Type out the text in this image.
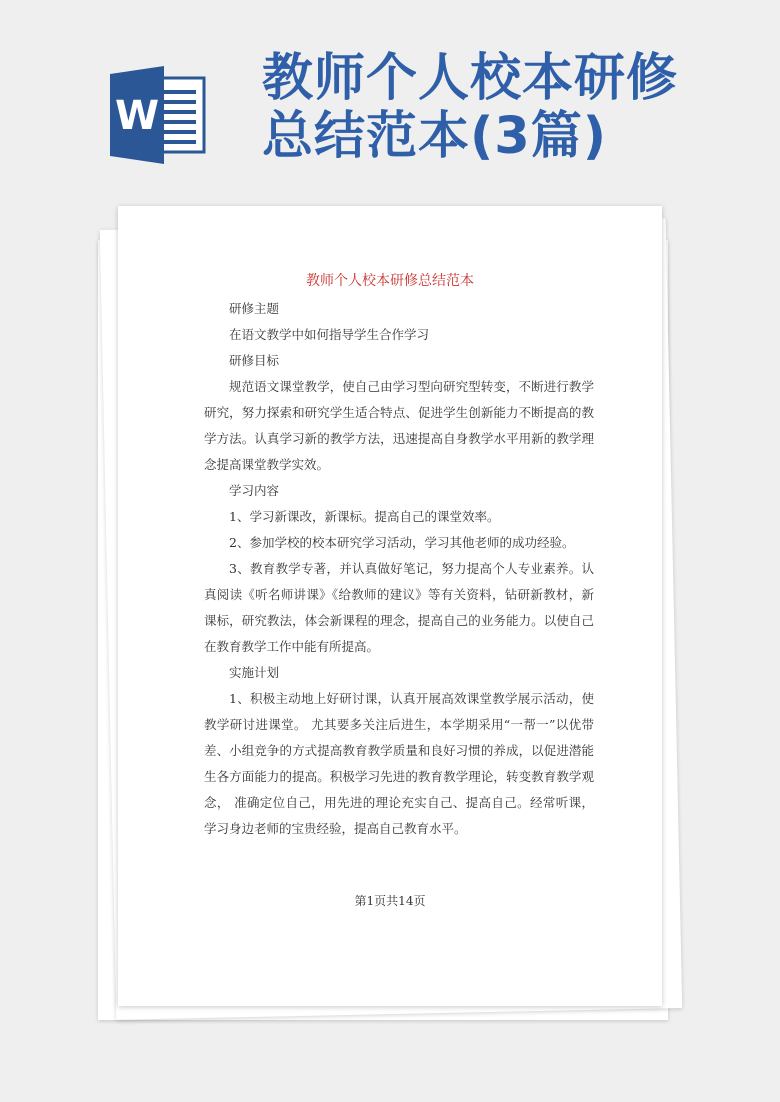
W
教师个人校本研修
总结范本(3篇)
教师个人校本研修总结范本

研修主题

在语文教学中如何指导学生合作学习

研修目标

规范语文课堂教学，使自己由学习型向研究型转变，不断进行教学研究，努力探索和研究学生适合特点、促进学生创新能力不断提高的教学方法。认真学习新的教学方法，迅速提高自身教学水平用新的教学理念提高课堂教学实效。

学习内容

1、学习新课改，新课标。提高自己的课堂效率。

2、参加学校的校本研究学习活动，学习其他老师的成功经验。

3、教育教学专著，并认真做好笔记，努力提高个人专业素养。认真阅读《听名师讲课》《给教师的建议》等有关资料，钻研新教材，新课标，研究教法，体会新课程的理念，提高自己的业务能力。以使自己在教育教学工作中能有所提高。

实施计划

1、积极主动地上好研讨课，认真开展高效课堂教学展示活动，使教学研讨进课堂。 尤其要多关注后进生，本学期采用“一帮一”以优带差、小组竞争的方式提高教育教学质量和良好习惯的养成，以促进潜能生各方面能力的提高。积极学习先进的教育教学理论，转变教育教学观念， 准确定位自己，用先进的理论充实自己、提高自己。经常听课，学习身边老师的宝贵经验，提高自己教育水平。

第1页共14页
